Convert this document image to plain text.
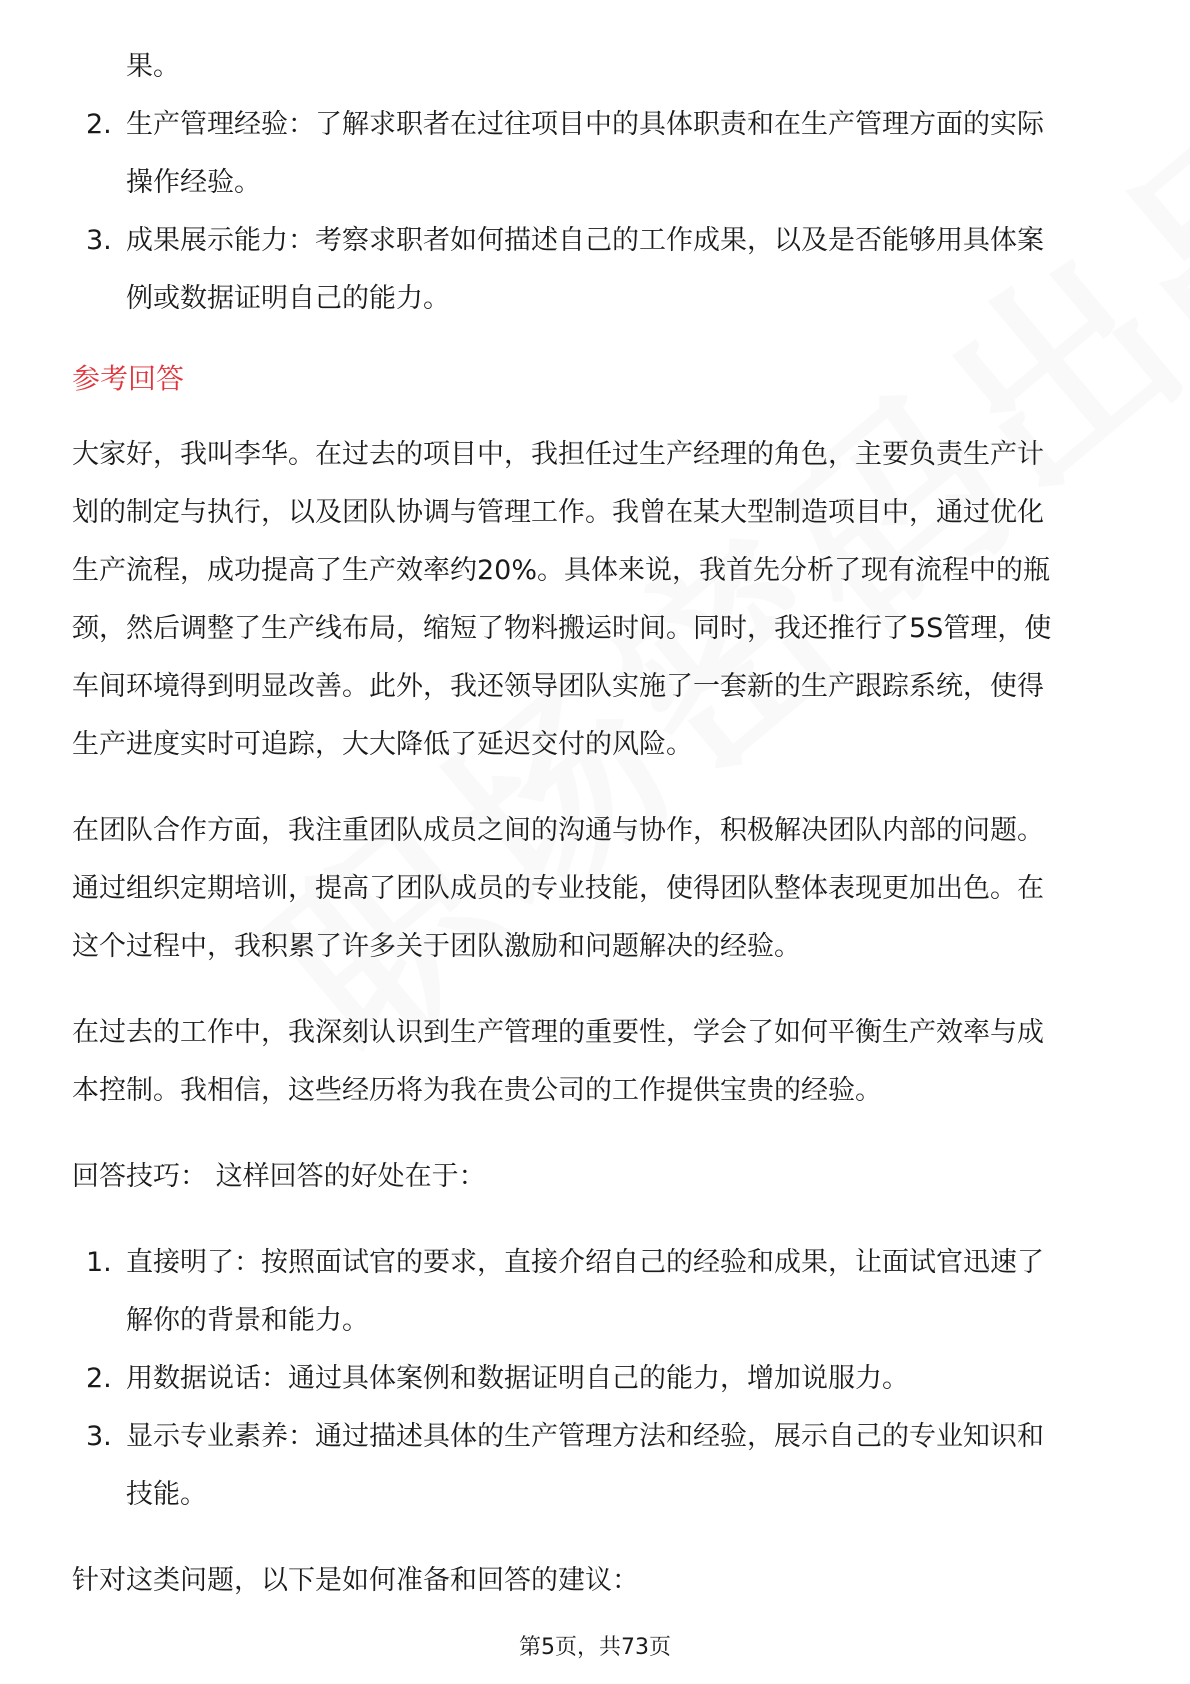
果。
2. 生产管理经验：了解求职者在过往项目中的具体职责和在生产管理方面的实际
操作经验。
3. 成果展示能力：考察求职者如何描述自己的工作成果，以及是否能够用具体案
例或数据证明自己的能力。
参考回答
大家好，我叫李华。在过去的项目中，我担任过生产经理的角色，主要负责生产计
划的制定与执行，以及团队协调与管理工作。我曾在某大型制造项目中，通过优化
生产流程，成功提高了生产效率约20%。具体来说，我首先分析了现有流程中的瓶
颈，然后调整了生产线布局，缩短了物料搬运时间。同时，我还推行了5S管理，使
车间环境得到明显改善。此外，我还领导团队实施了一套新的生产跟踪系统，使得
生产进度实时可追踪，大大降低了延迟交付的风险。
在团队合作方面，我注重团队成员之间的沟通与协作，积极解决团队内部的问题。
通过组织定期培训，提高了团队成员的专业技能，使得团队整体表现更加出色。在
这个过程中，我积累了许多关于团队激励和问题解决的经验。
在过去的工作中，我深刻认识到生产管理的重要性，学会了如何平衡生产效率与成
本控制。我相信，这些经历将为我在贵公司的工作提供宝贵的经验。
回答技巧： 这样回答的好处在于：
1. 直接明了：按照面试官的要求，直接介绍自己的经验和成果，让面试官迅速了
解你的背景和能力。
2. 用数据说话：通过具体案例和数据证明自己的能力，增加说服力。
3. 显示专业素养：通过描述具体的生产管理方法和经验，展示自己的专业知识和
技能。
针对这类问题，以下是如何准备和回答的建议：
第5页，共73页
